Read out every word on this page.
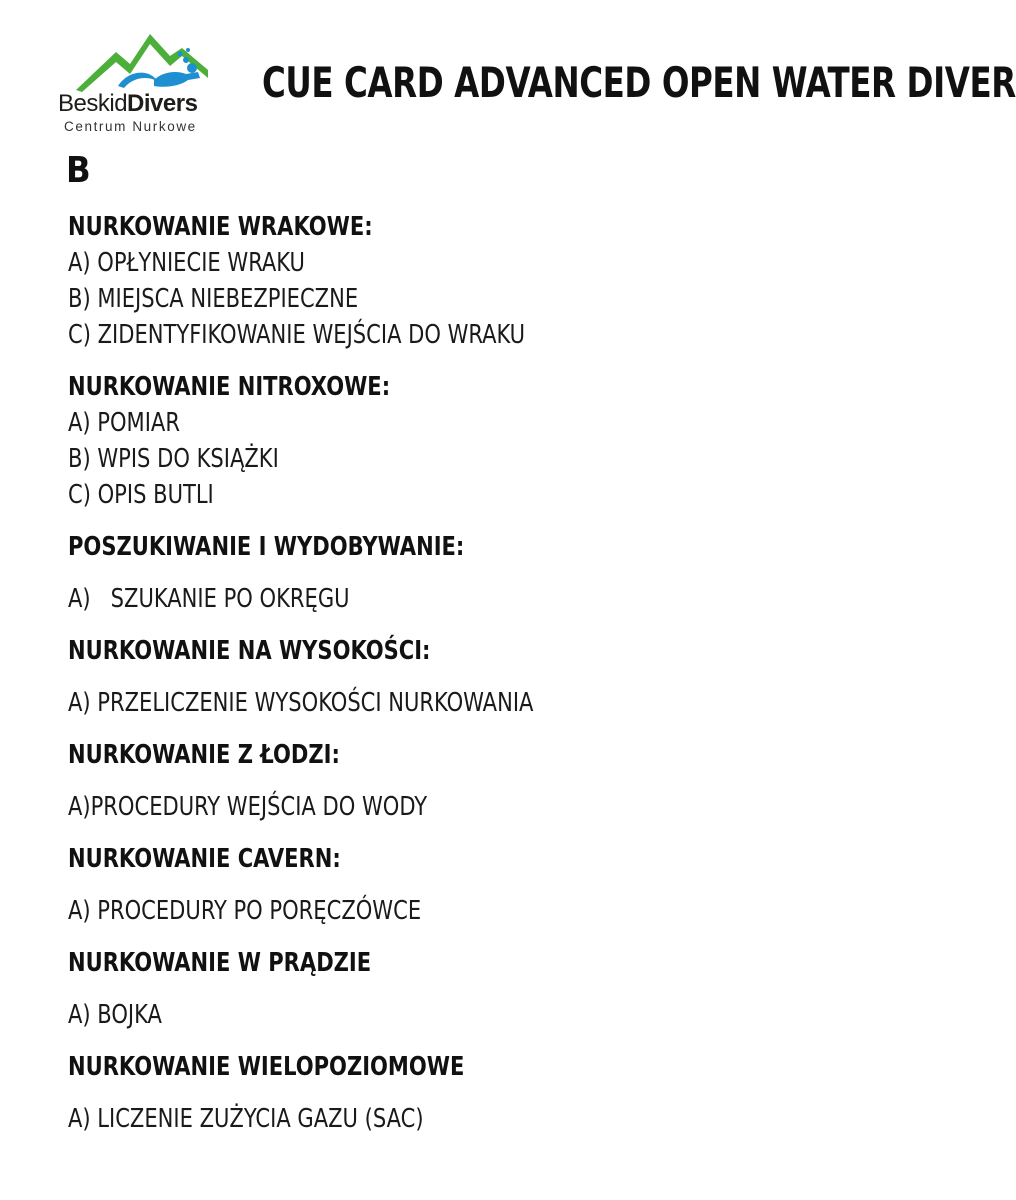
BeskidDivers
Centrum Nurkowe
CUE CARD ADVANCED OPEN WATER DIVER
B
NURKOWANIE WRAKOWE:
A) OPŁYNIECIE WRAKU
B) MIEJSCA NIEBEZPIECZNE
C) ZIDENTYFIKOWANIE WEJŚCIA DO WRAKU
NURKOWANIE NITROXOWE:
A) POMIAR
B) WPIS DO KSIĄŻKI
C) OPIS BUTLI
POSZUKIWANIE I WYDOBYWANIE:
A)   SZUKANIE PO OKRĘGU
NURKOWANIE NA WYSOKOŚCI:
A) PRZELICZENIE WYSOKOŚCI NURKOWANIA
NURKOWANIE Z ŁODZI:
A)PROCEDURY WEJŚCIA DO WODY
NURKOWANIE CAVERN:
A) PROCEDURY PO PORĘCZÓWCE
NURKOWANIE W PRĄDZIE
A) BOJKA
NURKOWANIE WIELOPOZIOMOWE
A) LICZENIE ZUŻYCIA GAZU (SAC)
